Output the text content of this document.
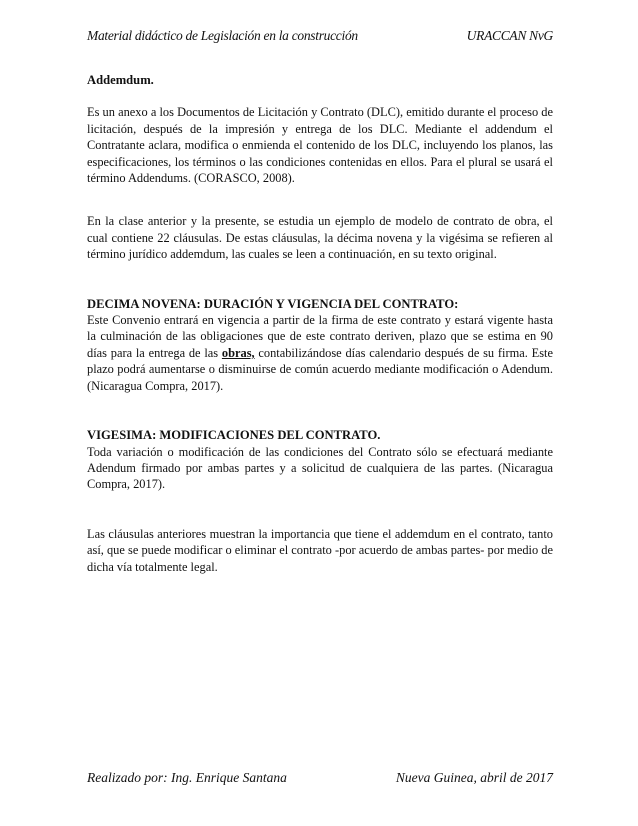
Material didáctico de Legislación en la construcción	URACCAN NvG

Addemdum.

Es un anexo a los Documentos de Licitación y Contrato (DLC), emitido durante el proceso de licitación, después de la impresión y entrega de los DLC. Mediante el addendum el Contratante aclara, modifica o enmienda el contenido de los DLC, incluyendo los planos, las especificaciones, los términos o las condiciones contenidas en ellos. Para el plural se usará el término Addendums. (CORASCO, 2008).

En la clase anterior y la presente, se estudia un ejemplo de modelo de contrato de obra, el cual contiene 22 cláusulas. De estas cláusulas, la décima novena y la vigésima se refieren al término jurídico addemdum, las cuales se leen a continuación, en su texto original.

DECIMA NOVENA: DURACIÓN Y VIGENCIA DEL CONTRATO:

Este Convenio entrará en vigencia a partir de la firma de este contrato y estará vigente hasta la culminación de las obligaciones que de este contrato deriven, plazo que se estima en 90 días para la entrega de las obras, contabilizándose días calendario después de su firma. Este plazo podrá aumentarse o disminuirse de común acuerdo mediante modificación o Adendum. (Nicaragua Compra, 2017).

VIGESIMA: MODIFICACIONES DEL CONTRATO.

Toda variación o modificación de las condiciones del Contrato sólo se efectuará mediante Adendum firmado por ambas partes y a solicitud de cualquiera de las partes. (Nicaragua Compra, 2017).

Las cláusulas anteriores muestran la importancia que tiene el addemdum en el contrato, tanto así, que se puede modificar o eliminar el contrato -por acuerdo de ambas partes- por medio de dicha vía totalmente legal.

Realizado por: Ing. Enrique Santana	Nueva Guinea, abril de 2017
